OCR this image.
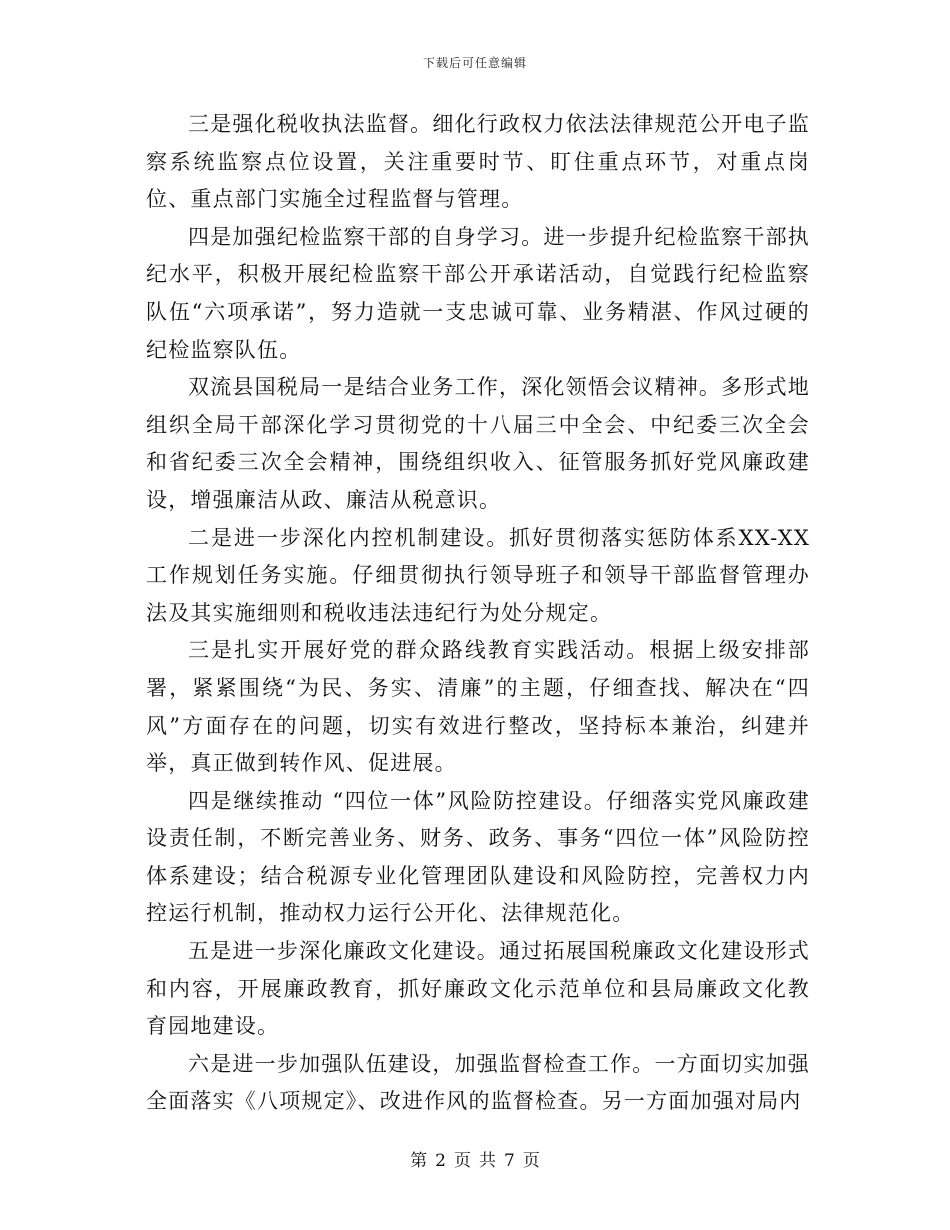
下载后可任意编辑

三是强化税收执法监督。细化行政权力依法法律规范公开电子监察系统监察点位设置，关注重要时节、盯住重点环节，对重点岗位、重点部门实施全过程监督与管理。

四是加强纪检监察干部的自身学习。进一步提升纪检监察干部执纪水平，积极开展纪检监察干部公开承诺活动，自觉践行纪检监察队伍“六项承诺”，努力造就一支忠诚可靠、业务精湛、作风过硬的纪检监察队伍。

双流县国税局一是结合业务工作，深化领悟会议精神。多形式地组织全局干部深化学习贯彻党的十八届三中全会、中纪委三次全会和省纪委三次全会精神，围绕组织收入、征管服务抓好党风廉政建设，增强廉洁从政、廉洁从税意识。

二是进一步深化内控机制建设。抓好贯彻落实惩防体系XX-XX工作规划任务实施。仔细贯彻执行领导班子和领导干部监督管理办法及其实施细则和税收违法违纪行为处分规定。

三是扎实开展好党的群众路线教育实践活动。根据上级安排部署，紧紧围绕“为民、务实、清廉”的主题，仔细查找、解决在“四风”方面存在的问题，切实有效进行整改，坚持标本兼治，纠建并举，真正做到转作风、促进展。

四是继续推动 “四位一体”风险防控建设。仔细落实党风廉政建设责任制，不断完善业务、财务、政务、事务“四位一体”风险防控体系建设；结合税源专业化管理团队建设和风险防控，完善权力内控运行机制，推动权力运行公开化、法律规范化。

五是进一步深化廉政文化建设。通过拓展国税廉政文化建设形式和内容，开展廉政教育，抓好廉政文化示范单位和县局廉政文化教育园地建设。

六是进一步加强队伍建设，加强监督检查工作。一方面切实加强全面落实《八项规定》、改进作风的监督检查。另一方面加强对局内

第 2 页 共 7 页
